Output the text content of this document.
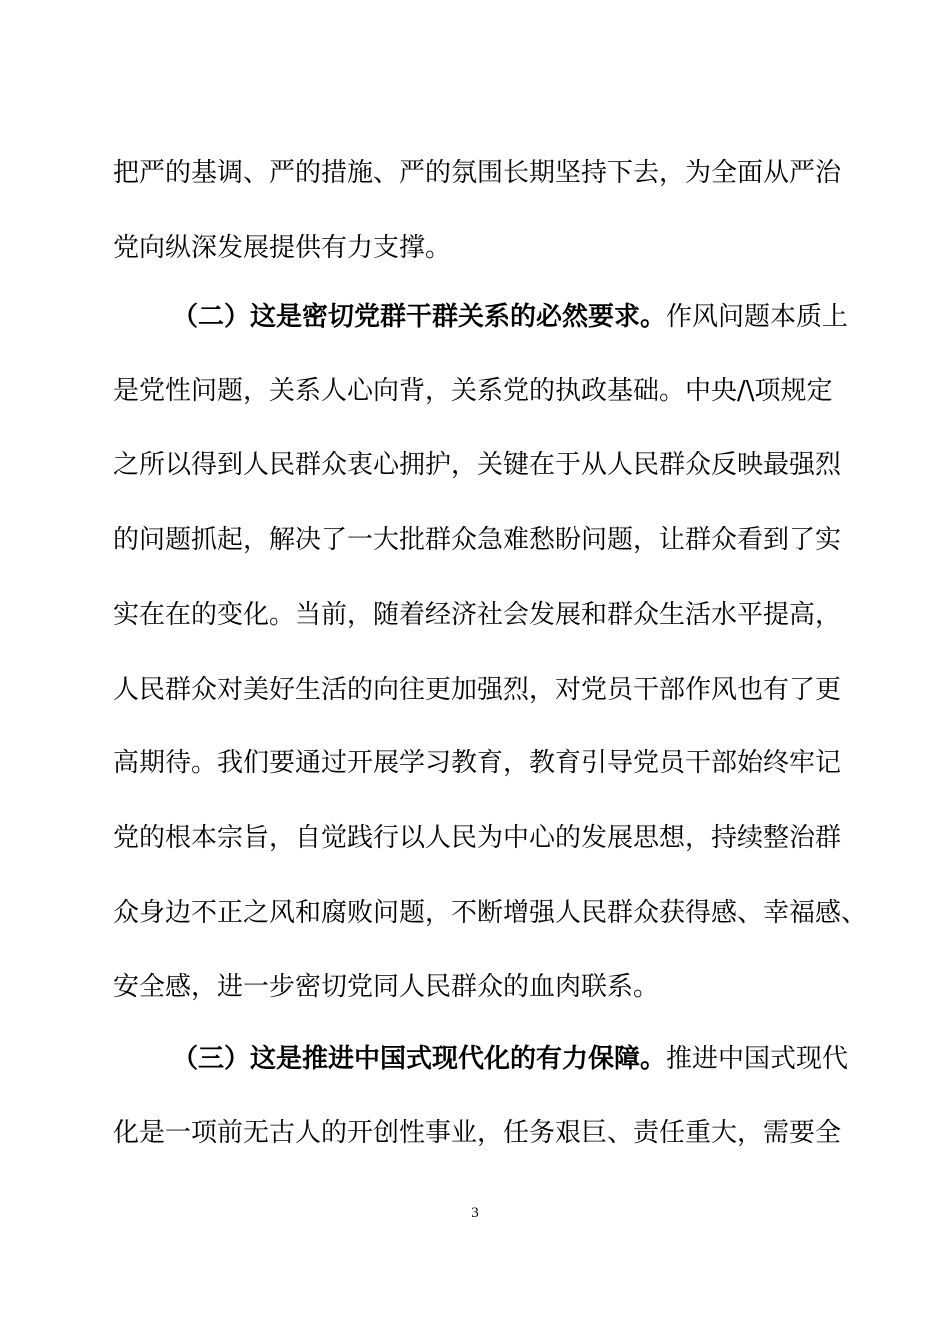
把严的基调、严的措施、严的氛围长期坚持下去，为全面从严治
党向纵深发展提供有力支撑。
（二）这是密切党群干群关系的必然要求。作风问题本质上
是党性问题，关系人心向背，关系党的执政基础。中央/\项规定
之所以得到人民群众衷心拥护，关键在于从人民群众反映最强烈
的问题抓起，解决了一大批群众急难愁盼问题，让群众看到了实
实在在的变化。当前，随着经济社会发展和群众生活水平提高，
人民群众对美好生活的向往更加强烈，对党员干部作风也有了更
高期待。我们要通过开展学习教育，教育引导党员干部始终牢记
党的根本宗旨，自觉践行以人民为中心的发展思想，持续整治群
众身边不正之风和腐败问题，不断增强人民群众获得感、幸福感、
安全感，进一步密切党同人民群众的血肉联系。
（三）这是推进中国式现代化的有力保障。推进中国式现代
化是一项前无古人的开创性事业，任务艰巨、责任重大，需要全
3
